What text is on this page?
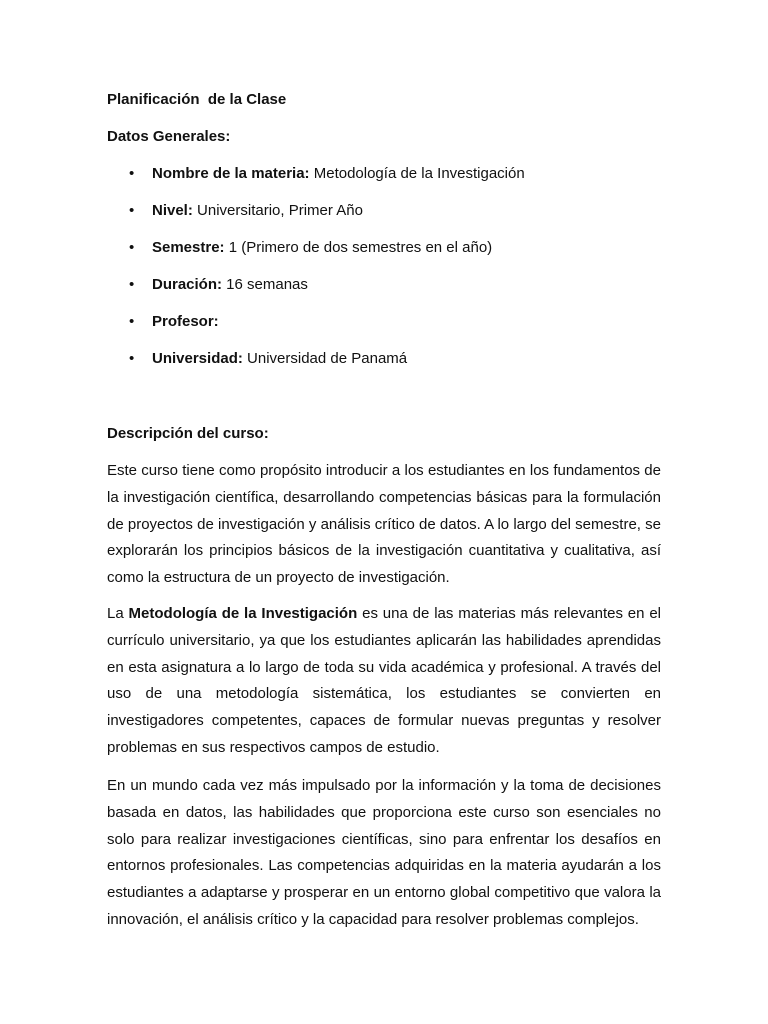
Planificación  de la Clase
Datos Generales:
• Nombre de la materia: Metodología de la Investigación
• Nivel: Universitario, Primer Año
• Semestre: 1 (Primero de dos semestres en el año)
• Duración: 16 semanas
• Profesor:
• Universidad: Universidad de Panamá
Descripción del curso:

Este curso tiene como propósito introducir a los estudiantes en los fundamentos de la investigación científica, desarrollando competencias básicas para la formulación de proyectos de investigación y análisis crítico de datos. A lo largo del semestre, se explorarán los principios básicos de la investigación cuantitativa y cualitativa, así como la estructura de un proyecto de investigación.

La Metodología de la Investigación es una de las materias más relevantes en el currículo universitario, ya que los estudiantes aplicarán las habilidades aprendidas en esta asignatura a lo largo de toda su vida académica y profesional. A través del uso de una metodología sistemática, los estudiantes se convierten en investigadores competentes, capaces de formular nuevas preguntas y resolver problemas en sus respectivos campos de estudio.

En un mundo cada vez más impulsado por la información y la toma de decisiones basada en datos, las habilidades que proporciona este curso son esenciales no solo para realizar investigaciones científicas, sino para enfrentar los desafíos en entornos profesionales. Las competencias adquiridas en la materia ayudarán a los estudiantes a adaptarse y prosperar en un entorno global competitivo que valora la innovación, el análisis crítico y la capacidad para resolver problemas complejos.
